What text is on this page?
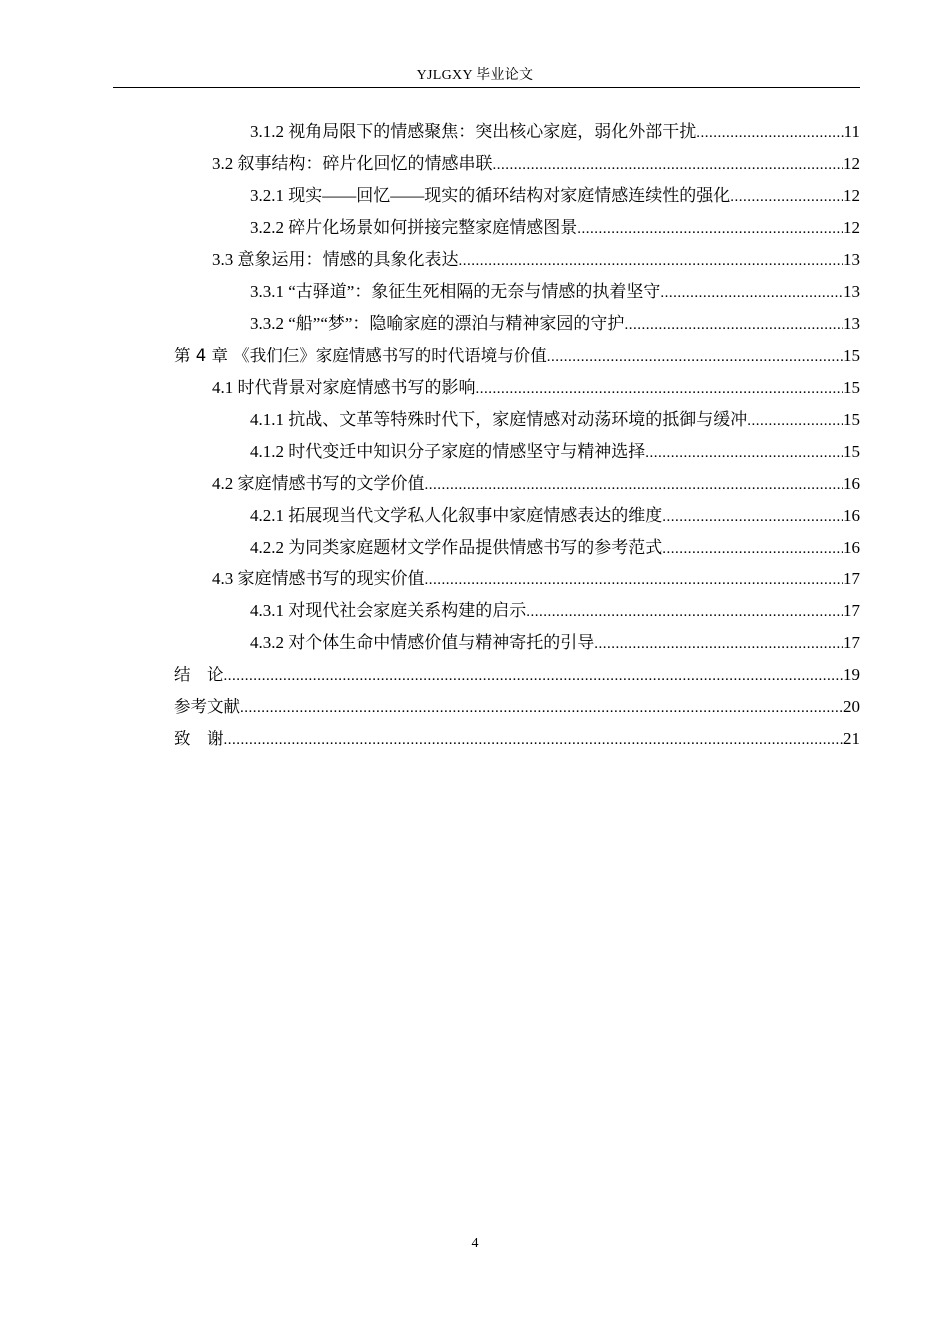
YJLGXY 毕业论文
3.1.2 视角局限下的情感聚焦：突出核心家庭，弱化外部干扰 .....	11
3.2 叙事结构：碎片化回忆的情感串联 .....	12
3.2.1 现实——回忆——现实的循环结构对家庭情感连续性的强化 .....	12
3.2.2 碎片化场景如何拼接完整家庭情感图景 .....	12
3.3 意象运用：情感的具象化表达 .....	13
3.3.1 “古驿道”：象征生死相隔的无奈与情感的执着坚守 .....	13
3.3.2 “船”“梦”：隐喻家庭的漂泊与精神家园的守护 .....	13
第 4 章 《我们仨》家庭情感书写的时代语境与价值 .....	15
4.1 时代背景对家庭情感书写的影响 .....	15
4.1.1 抗战、文革等特殊时代下，家庭情感对动荡环境的抵御与缓冲 .....	15
4.1.2 时代变迁中知识分子家庭的情感坚守与精神选择 .....	15
4.2 家庭情感书写的文学价值 .....	16
4.2.1 拓展现当代文学私人化叙事中家庭情感表达的维度 .....	16
4.2.2 为同类家庭题材文学作品提供情感书写的参考范式 .....	16
4.3 家庭情感书写的现实价值 .....	17
4.3.1 对现代社会家庭关系构建的启示 .....	17
4.3.2 对个体生命中情感价值与精神寄托的引导 .....	17
结　论 .....	19
参考文献 .....	20
致　谢 .....	21
4
